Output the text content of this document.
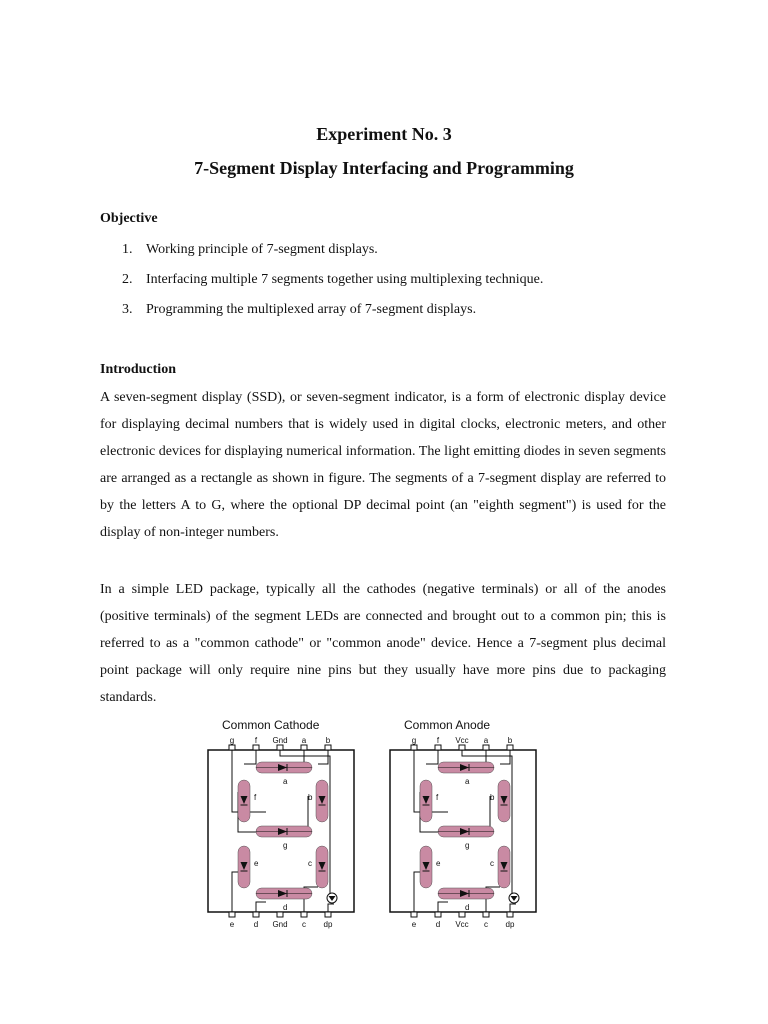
Experiment No. 3
7-Segment Display Interfacing and Programming
Objective
1. Working principle of 7-segment displays.
2. Interfacing multiple 7 segments together using multiplexing technique.
3. Programming the multiplexed array of 7-segment displays.
Introduction

A seven-segment display (SSD), or seven-segment indicator, is a form of electronic display device for displaying decimal numbers that is widely used in digital clocks, electronic meters, and other electronic devices for displaying numerical information. The light emitting diodes in seven segments are arranged as a rectangle as shown in figure. The segments of a 7-segment display are referred to by the letters A to G, where the optional DP decimal point (an "eighth segment") is used for the display of non-integer numbers.

In a simple LED package, typically all the cathodes (negative terminals) or all of the anodes (positive terminals) of the segment LEDs are connected and brought out to a common pin; this is referred to as a "common cathode" or "common anode" device. Hence a 7-segment plus decimal point package will only require nine pins but they usually have more pins due to packaging standards.

Common Cathode
g
e
f
d
Gnd
Gnd
a
c
b
dp
a
g
d
f	b
e	c
Common Anode
g
e
f
d
Vcc
Vcc
a
c
b
dp
a
g
d
f	b
e	c
